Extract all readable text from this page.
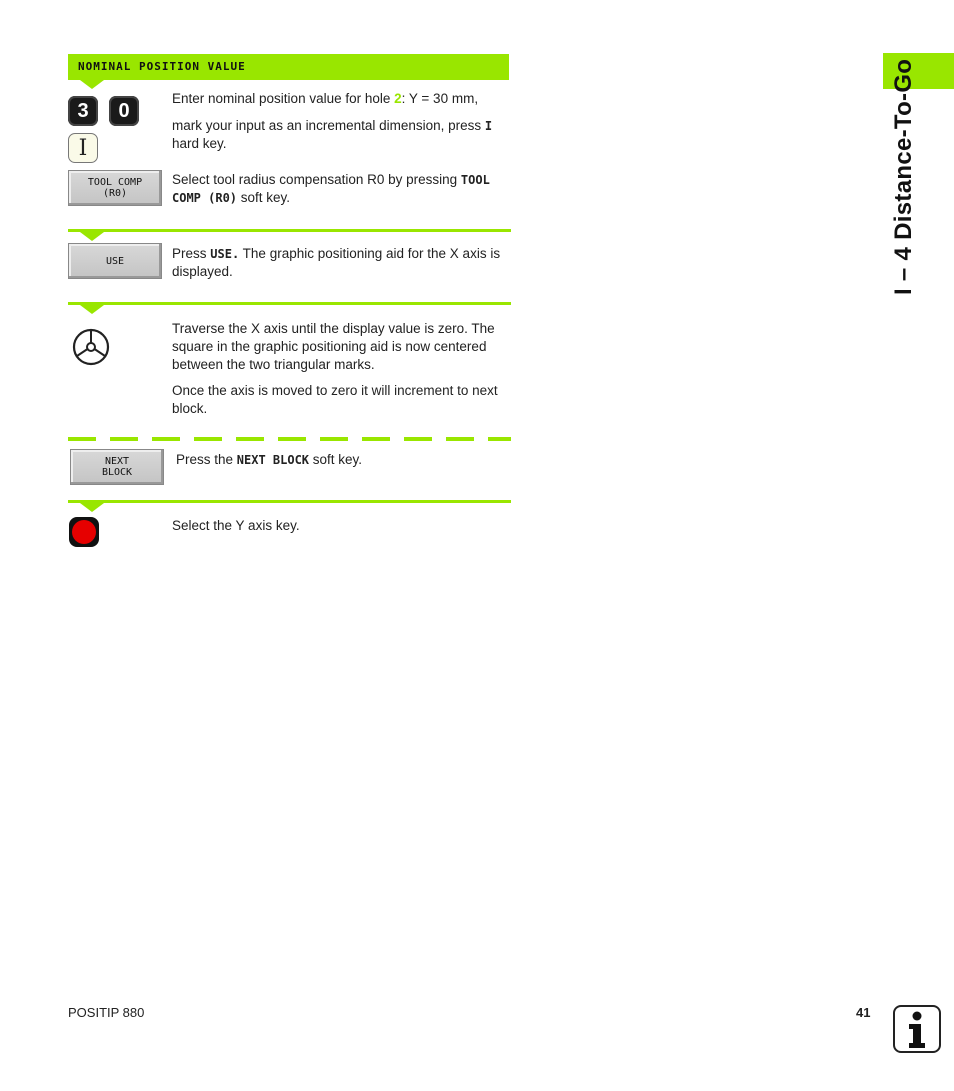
NOMINAL POSITION VALUE	I – 4 Distance-To-Go
3	0
Enter nominal position value for hole 2: Y = 30 mm,
I
mark your input as an incremental dimension, press I
hard key.
TOOL COMP
(R0)
Select tool radius compensation R0 by pressing TOOL COMP (R0) soft key.
USE	Press USE. The graphic positioning aid for the X axis is displayed.
Traverse the X axis until the display value is zero. The square in the graphic positioning aid is now centered between the two triangular marks.
Once the axis is moved to zero it will increment to next block.
NEXT
BLOCK
Press the NEXT BLOCK soft key.
Select the Y axis key.
POSITIP 880	41
